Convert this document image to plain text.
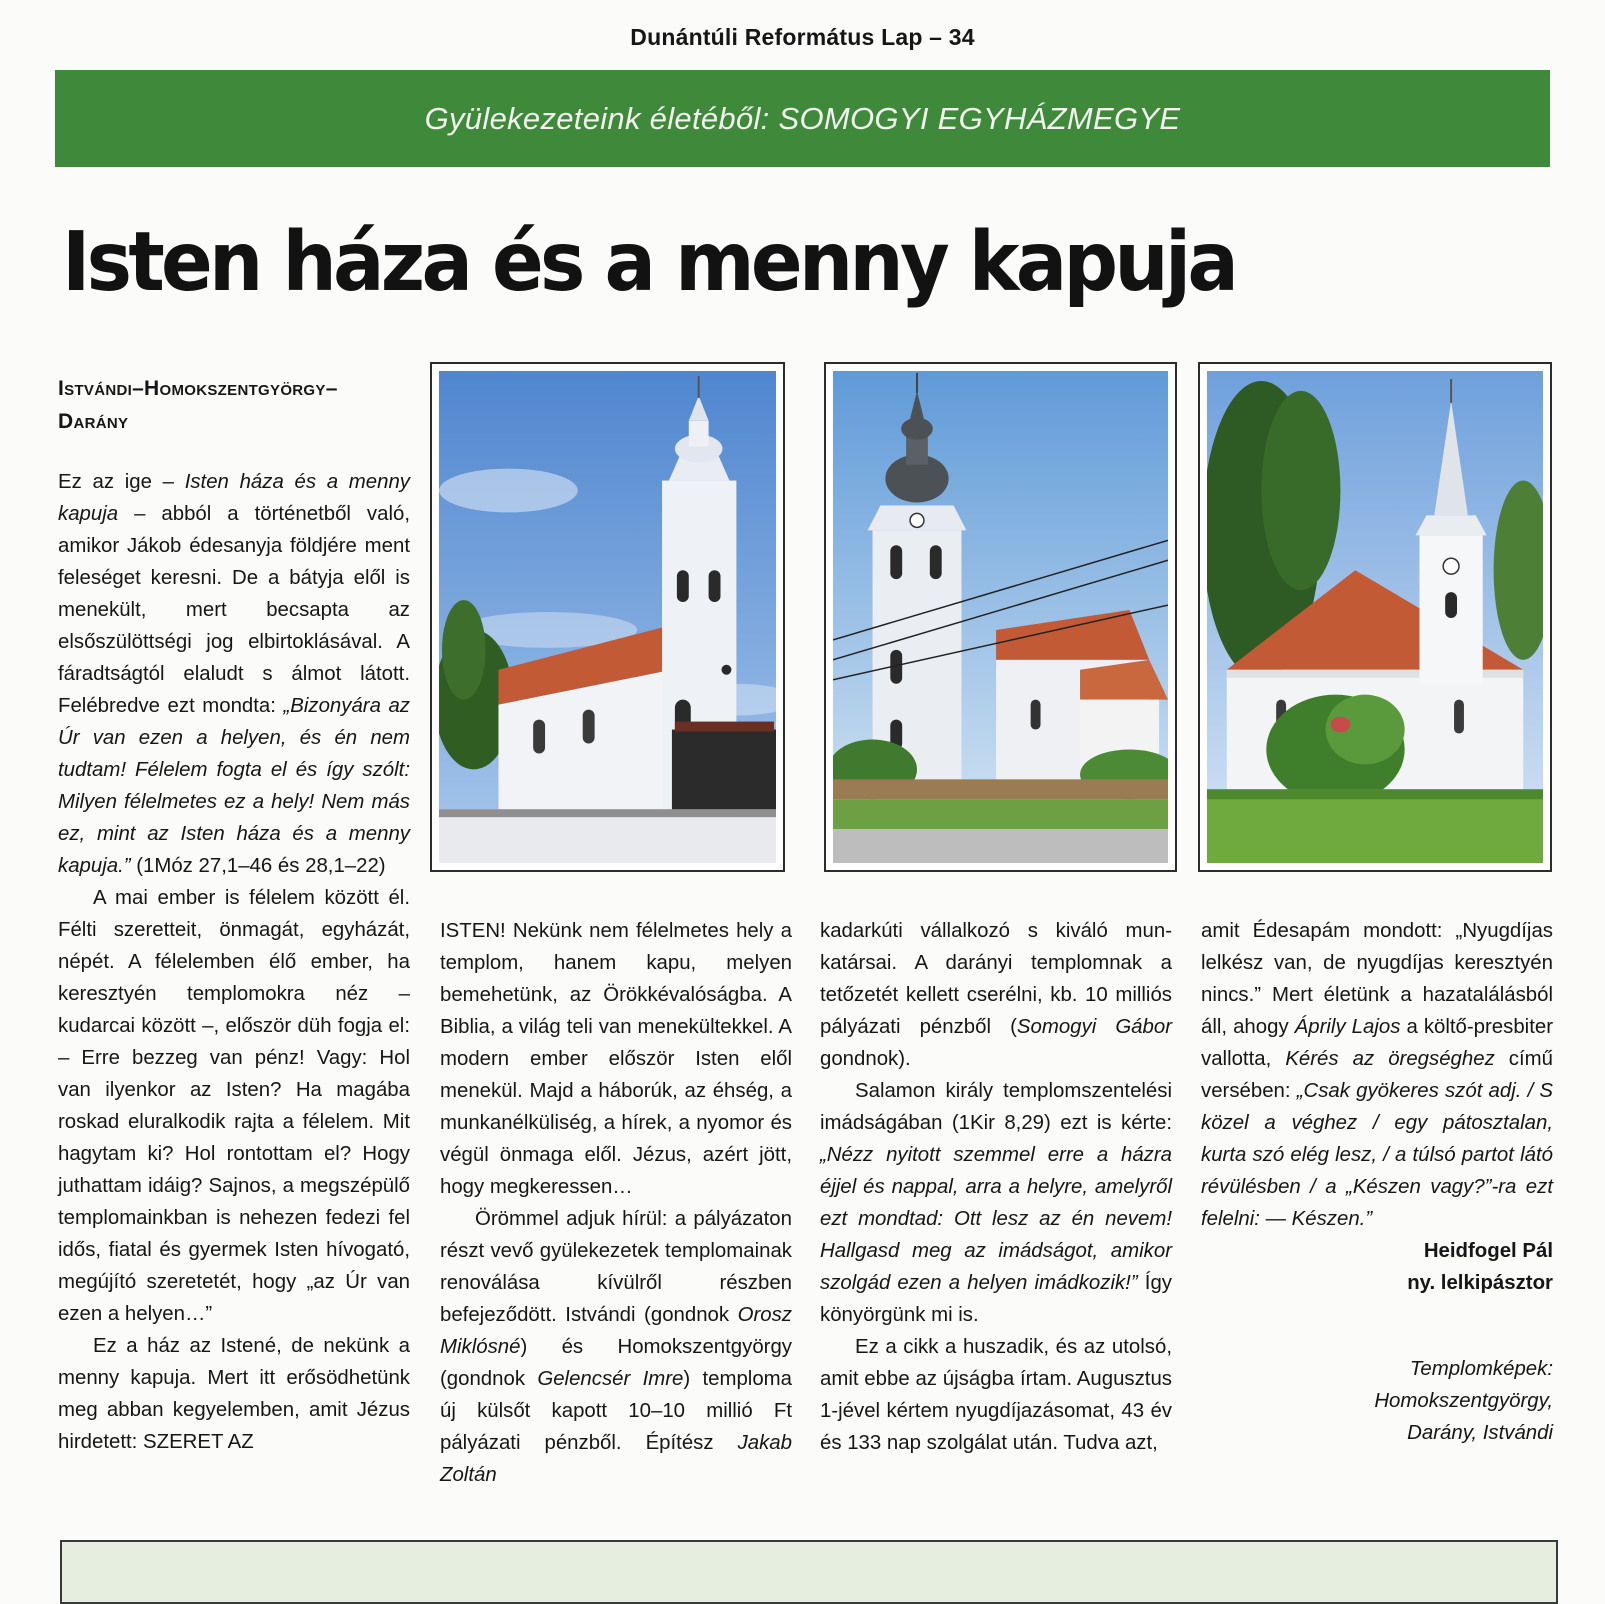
Dunántúli Református Lap – 34
Gyülekezeteink életéből: SOMOGYI EGYHÁZMEGYE
Isten háza és a menny kapuja
Istvándi–Homokszentgyörgy–
Darány

Ez az ige – Isten háza és a menny kapuja – abból a történetből való, amikor Jákob édesanyja földjére ment feleséget keresni. De a bátyja elől is menekült, mert becsapta az elsőszülöttségi jog elbirtoklásával. A fáradtságtól elaludt s álmot látott. Felébredve ezt mondta: „Bizonyára az Úr van ezen a helyen, és én nem tudtam! Félelem fogta el és így szólt: Milyen félelmetes ez a hely! Nem más ez, mint az Isten háza és a menny kapuja.” (1Móz 27,1–46 és 28,1–22)

A mai ember is félelem között él. Félti szeretteit, önmagát, egyházát, népét. A félelemben élő ember, ha keresztyén templomokra néz – kudarcai között –, először düh fogja el: – Erre bezzeg van pénz! Vagy: Hol van ilyenkor az Isten? Ha magába roskad eluralkodik rajta a félelem. Mit hagytam ki? Hol rontottam el? Hogy juthattam idáig? Sajnos, a megszépülő templomainkban is nehezen fedezi fel idős, fiatal és gyermek Isten hívogató, megújító szeretetét, hogy „az Úr van ezen a helyen…”

Ez a ház az Istené, de nekünk a menny kapuja. Mert itt erősödhetünk meg abban kegyelemben, amit Jézus hirdetett: SZERET AZ

ISTEN! Nekünk nem félelmetes hely a templom, hanem kapu, melyen bemehetünk, az Örökkévalóságba. A Biblia, a világ teli van menekültekkel. A modern ember először Isten elől menekül. Majd a háborúk, az éhség, a munkanélküliség, a hírek, a nyomor és végül önmaga elől. Jézus, azért jött, hogy megkeressen…

Örömmel adjuk hírül: a pályázaton részt vevő gyülekezetek templomainak renoválása kívülről részben befejeződött. Istvándi (gondnok Orosz Miklósné) és Homokszentgyörgy (gondnok Gelencsér Imre) temploma új külsőt kapott 10–10 millió Ft pályázati pénzből. Építész Jakab Zoltán

kadarkúti vállalkozó s kiváló munkatársai. A darányi templomnak a tetőzetét kellett cserélni, kb. 10 milliós pályázati pénzből (Somogyi Gábor gondnok).

Salamon király templomszentelési imádságában (1Kir 8,29) ezt is kérte: „Nézz nyitott szemmel erre a házra éjjel és nappal, arra a helyre, amelyről ezt mondtad: Ott lesz az én nevem! Hallgasd meg az imádságot, amikor szolgád ezen a helyen imádkozik!” Így könyörgünk mi is.

Ez a cikk a huszadik, és az utolsó, amit ebbe az újságba írtam. Augusztus 1-jével kértem nyugdíjazásomat, 43 év és 133 nap szolgálat után. Tudva azt,

amit Édesapám mondott: „Nyugdíjas lelkész van, de nyugdíjas keresztyén nincs.” Mert életünk a hazatalálásból áll, ahogy Áprily Lajos a költő-presbiter vallotta, Kérés az öregséghez című versében: „Csak gyökeres szót adj. / S közel a véghez / egy pátosztalan, kurta szó elég lesz, / a túlsó partot látó révülésben / a „Készen vagy?”-ra ezt felelni: — Készen.”

Heidfogel Pál

ny. lelkipásztor

Templomképek:
Homokszentgyörgy,
Darány, Istvándi
